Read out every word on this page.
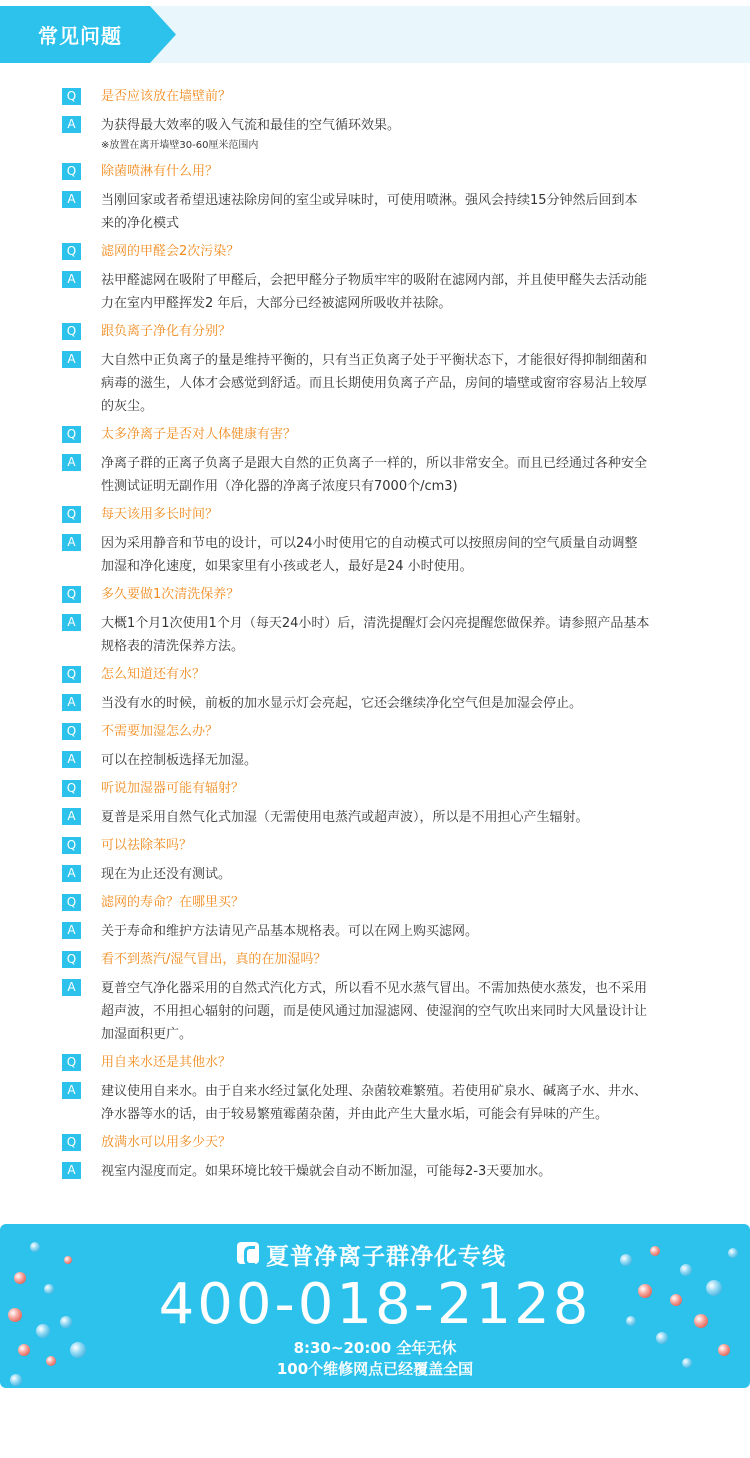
常见问题
Q	是否应该放在墙壁前？
A	为获得最大效率的吸入气流和最佳的空气循环效果。
※放置在离开墙壁30-60厘米范围内
Q	除菌喷淋有什么用？
A	当刚回家或者希望迅速祛除房间的室尘或异味时，可使用喷淋。强风会持续15分钟然后回到本
来的净化模式
Q	滤网的甲醛会2次污染？
A	祛甲醛滤网在吸附了甲醛后，会把甲醛分子物质牢牢的吸附在滤网内部，并且使甲醛失去活动能
力在室内甲醛挥发2 年后，大部分已经被滤网所吸收并祛除。
Q	跟负离子净化有分别？
A	大自然中正负离子的量是维持平衡的，只有当正负离子处于平衡状态下，才能很好得抑制细菌和
病毒的滋生，人体才会感觉到舒适。而且长期使用负离子产品，房间的墙壁或窗帘容易沾上较厚
的灰尘。
Q	太多净离子是否对人体健康有害？
A	净离子群的正离子负离子是跟大自然的正负离子一样的，所以非常安全。而且已经通过各种安全
性测试证明无副作用（净化器的净离子浓度只有7000个/cm3)
Q	每天该用多长时间？
A	因为采用静音和节电的设计，可以24小时使用它的自动模式可以按照房间的空气质量自动调整
加湿和净化速度，如果家里有小孩或老人，最好是24 小时使用。
Q	多久要做1次清洗保养？
A	大概1个月1次使用1个月（每天24小时）后，清洗提醒灯会闪亮提醒您做保养。请参照产品基本
规格表的清洗保养方法。
Q	怎么知道还有水？
A	当没有水的时候，前板的加水显示灯会亮起，它还会继续净化空气但是加湿会停止。
Q	不需要加湿怎么办？
A	可以在控制板选择无加湿。
Q	听说加湿器可能有辐射？
A	夏普是采用自然气化式加湿（无需使用电蒸汽或超声波），所以是不用担心产生辐射。
Q	可以祛除苯吗？
A	现在为止还没有测试。
Q	滤网的寿命？在哪里买？
A	关于寿命和维护方法请见产品基本规格表。可以在网上购买滤网。
Q	看不到蒸汽/湿气冒出，真的在加湿吗？
A	夏普空气净化器采用的自然式汽化方式，所以看不见水蒸气冒出。不需加热使水蒸发，也不采用
超声波，不用担心辐射的问题，而是使风通过加湿滤网、使湿润的空气吹出来同时大风量设计让
加湿面积更广。
Q	用自来水还是其他水？
A	建议使用自来水。由于自来水经过氯化处理、杂菌较难繁殖。若使用矿泉水、碱离子水、井水、
净水器等水的话，由于较易繁殖霉菌杂菌，并由此产生大量水垢，可能会有异味的产生。
Q	放满水可以用多少天？
A	视室内湿度而定。如果环境比较干燥就会自动不断加湿，可能每2-3天要加水。
夏普净离子群净化专线
400-018-2128
8:30~20:00 全年无休
100个维修网点已经覆盖全国
